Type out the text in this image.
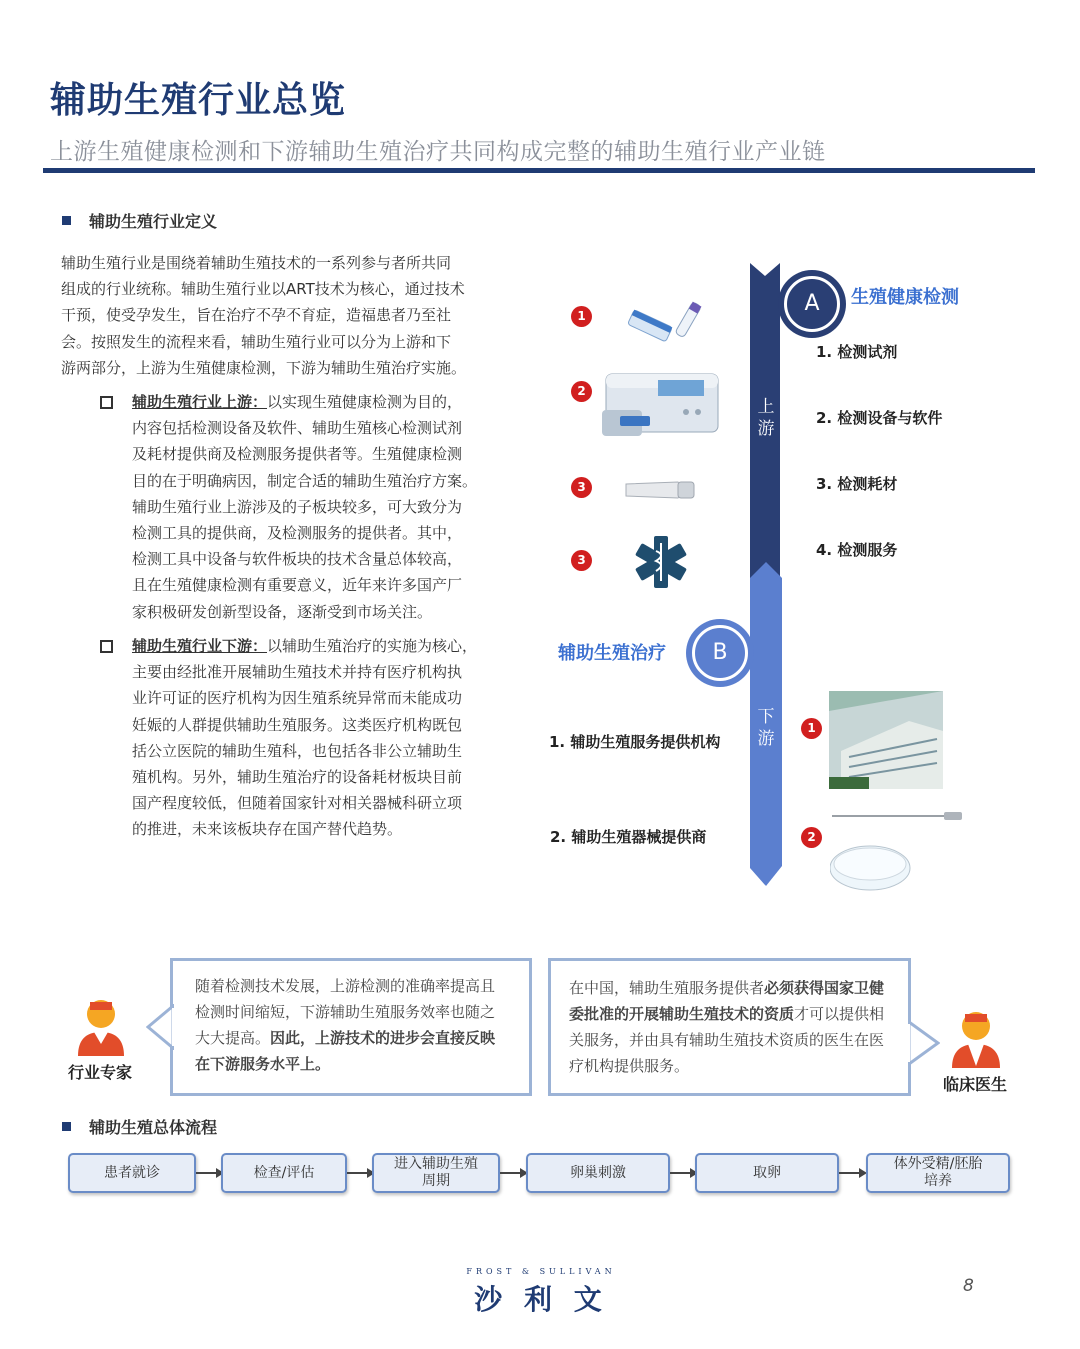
辅助生殖行业总览
上游生殖健康检测和下游辅助生殖治疗共同构成完整的辅助生殖行业产业链
辅助生殖行业定义
辅助生殖行业是围绕着辅助生殖技术的一系列参与者所共同
组成的行业统称。辅助生殖行业以ART技术为核心，通过技术
干预，使受孕发生，旨在治疗不孕不育症，造福患者乃至社
会。按照发生的流程来看，辅助生殖行业可以分为上游和下
游两部分，上游为生殖健康检测，下游为辅助生殖治疗实施。
辅助生殖行业上游：以实现生殖健康检测为目的，
内容包括检测设备及软件、辅助生殖核心检测试剂
及耗材提供商及检测服务提供者等。生殖健康检测
目的在于明确病因，制定合适的辅助生殖治疗方案。
辅助生殖行业上游涉及的子板块较多，可大致分为
检测工具的提供商，及检测服务的提供者。其中，
检测工具中设备与软件板块的技术含量总体较高，
且在生殖健康检测有重要意义，近年来许多国产厂
家积极研发创新型设备，逐渐受到市场关注。
辅助生殖行业下游：以辅助生殖治疗的实施为核心，
主要由经批准开展辅助生殖技术并持有医疗机构执
业许可证的医疗机构为因生殖系统异常而未能成功
妊娠的人群提供辅助生殖服务。这类医疗机构既包
括公立医院的辅助生殖科，也包括各非公立辅助生
殖机构。另外，辅助生殖治疗的设备耗材板块目前
国产程度较低，但随着国家针对相关器械科研立项
的推进，未来该板块存在国产替代趋势。
上
游
下
游
A	生殖健康检测
1. 检测试剂
2. 检测设备与软件
3. 检测耗材
4. 检测服务
1
2
3
3
B
辅助生殖治疗
1. 辅助生殖服务提供机构
2. 辅助生殖器械提供商
1
2
行业专家
随着检测技术发展，上游检测的准确率提高且检测时间缩短，下游辅助生殖服务效率也随之大大提高。因此，上游技术的进步会直接反映在下游服务水平上。
在中国，辅助生殖服务提供者必须获得国家卫健委批准的开展辅助生殖技术的资质才可以提供相关服务，并由具有辅助生殖技术资质的医生在医疗机构提供服务。
临床医生
辅助生殖总体流程
患者就诊	检查/评估
进入辅助生殖
周期
卵巢刺激	取卵
体外受精/胚胎
培养
FROST & SULLIVAN
沙 利 文	8
